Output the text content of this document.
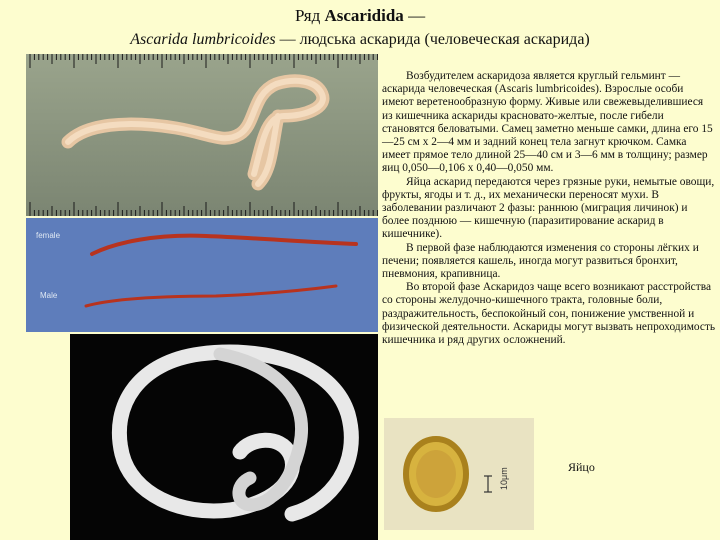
Ряд Ascaridida —
Ascarida lumbricoides — людська аскарида (человеческая аскарида)
female
Male

Возбудителем аскаридоза является круглый гельминт — аскарида человеческая (Ascaris lumbricoides). Взрослые особи имеют веретенообразную форму. Живые или свежевыделившиеся из кишечника аскариды красновато-желтые, после гибели становятся беловатыми. Самец заметно меньше самки, длина его 15—25 см х 2—4 мм и задний конец тела загнут крючком. Самка имеет прямое тело длиной 25—40 см и 3—6 мм в толщину; размер яиц 0,050—0,106 х 0,40—0,050 мм.

Яйца аскарид передаются через грязные руки, немытые овощи, фрукты, ягоды и т. д., их механически переносят мухи. В заболевании различают 2 фазы: раннюю (миграция личинок) и более позднюю — кишечную (паразитирование аскарид в кишечнике).

В первой фазе наблюдаются изменения со стороны лёгких и печени; появляется кашель, иногда могут развиться бронхит, пневмония, крапивница.

Во второй фазе Аскаридоз чаще всего возникают расстройства со стороны желудочно-кишечного тракта, головные боли, раздражительность, беспокойный сон, понижение умственной и физической деятельности. Аскариды могут вызвать непроходимость кишечника и ряд других осложнений.

10μm
Яйцо
